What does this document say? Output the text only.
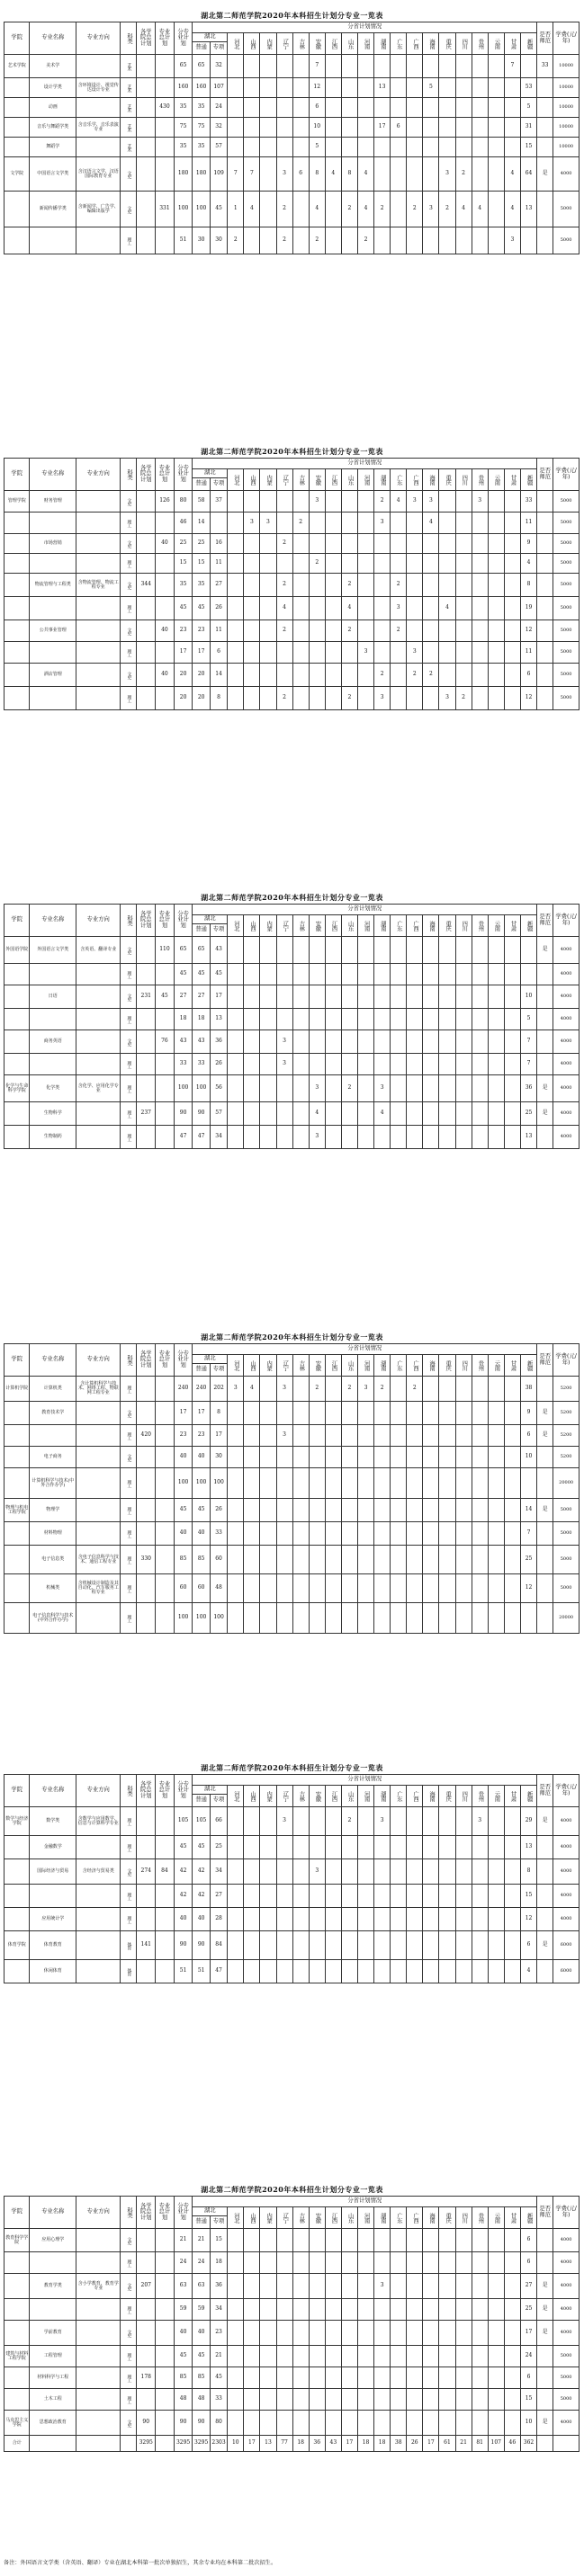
湖北第二师范学院2020年本科招生计划分专业一览表
学院	专业名称	专业方向	科类	各学院总计划	专业总计划	分专业计划	分省计划情况																					是否师范	学费(元/年)
							湖北		河北	山西	内蒙	辽宁	吉林	安徽	江西	山东	河南	湖南	广东	广西	海南	重庆	四川	贵州	云南	甘肃	新疆		
							普通	专项																					
艺术学院	美术学		艺术			65	65	32						7												7		33	10000
	设计学类	含环境设计、视觉传达设计专业	艺术			160	160	107						12				13			5						53		10000
	动画		艺术		430	35	35	24						6													5		10000
	音乐与舞蹈学类	含音乐学、音乐表演专业	艺术			75	75	32						10				17	6								31		10000
	舞蹈学		艺术			35	35	57						5													15		10000
文学院	中国语言文学类	含汉语言文学、汉语国际教育专业	文史			180	180	109	7	7		3	6	8	4	8	4					3	2			4	64	是	4000
	新闻传播学类	含新闻学、广告学、编辑出版学	文史		331	100	100	45	1	4		2		4		2	4	2		2	3	2	4	4		4	13		5000
			理工			51	30	30	2			2		2			2									3			5000
湖北第二师范学院2020年本科招生计划分专业一览表
学院	专业名称	专业方向	科类	各学院总计划	专业总计划	分专业计划	分省计划情况																					是否师范	学费(元/年)
							湖北		河北	山西	内蒙	辽宁	吉林	安徽	江西	山东	河南	湖南	广东	广西	海南	重庆	四川	贵州	云南	甘肃	新疆		
							普通	专项																					
管理学院	财务管理		文史		126	80	58	37						3				2	4	3	3			3			33		5000
			理工			46	14			3	3		2					3			4						11		5000
	市场营销		文史		40	25	25	16				2															9		5000
			理工			15	15	11						2													4		5000
	物流管理与工程类	含物流管理、物流工程专业	文史	344		35	35	27				2				2			2								8		5000
			理工			45	45	26				4				4			3			4					19		5000
	公共事业管理		文史		40	23	23	11				2				2			2								12		5000
			理工			17	17	6									3			3							11		5000
	酒店管理		文史		40	20	20	14										2		2	2						6		5000
			理工			20	20	8				2				2		3				3	2				12		5000
湖北第二师范学院2020年本科招生计划分专业一览表
学院	专业名称	专业方向	科类	各学院总计划	专业总计划	分专业计划	分省计划情况																					是否师范	学费(元/年)
							湖北		河北	山西	内蒙	辽宁	吉林	安徽	江西	山东	河南	湖南	广东	广西	海南	重庆	四川	贵州	云南	甘肃	新疆		
							普通	专项																					
外国语学院	外国语言文学类	含英语、翻译专业	文史		110	65	65	43																				是	4000
			理工			45	45	45																					4000
	日语		文史	231	45	27	27	17																			10		4000
			理工			18	18	13																			5		4000
	商务英语		文史		76	43	43	36				3															7		4000
			理工			33	33	26				3															7		4000
化学与生命科学学院	化学类	含化学、应用化学专业	理工			100	100	56						3		2		3									36	是	4000
	生物科学		理工	237		90	90	57						4				4									25	是	4000
	生物制药		理工			47	47	34						3													13		4000
湖北第二师范学院2020年本科招生计划分专业一览表
学院	专业名称	专业方向	科类	各学院总计划	专业总计划	分专业计划	分省计划情况																					是否师范	学费(元/年)
							湖北		河北	山西	内蒙	辽宁	吉林	安徽	江西	山东	河南	湖南	广东	广西	海南	重庆	四川	贵州	云南	甘肃	新疆		
							普通	专项																					
计算机学院	计算机类	含计算机科学与技术、网络工程、物联网工程专业	理工			240	240	202	3	4		3		2		2	3	2		2							38		5200
	教育技术学		文史			17	17	8																			9	是	5200
			理工	420		23	23	17				3															6	是	5200
	电子商务		文史			40	40	30																			10		5200
	计算机科学与技术(中外合作办学)		理工			100	100	100																					20000
物理与机电工程学院	物理学		理工			45	45	26																			14	是	5000
	材料物理		理工			40	40	33																			7		5000
	电子信息类	含电子信息科学与技术、通信工程专业	理工	330		85	85	60																			25		5000
	机械类	含机械设计制造及其自动化、汽车服务工程专业	理工			60	60	48																			12		5000
	电子信息科学与技术(中外合作办学)		理工			100	100	100																					20000
湖北第二师范学院2020年本科招生计划分专业一览表
学院	专业名称	专业方向	科类	各学院总计划	专业总计划	分专业计划	分省计划情况																					是否师范	学费(元/年)
							湖北		河北	山西	内蒙	辽宁	吉林	安徽	江西	山东	河南	湖南	广东	广西	海南	重庆	四川	贵州	云南	甘肃	新疆		
							普通	专项																					
数学与经济学院	数学类	含数学与应用数学、信息与计算科学专业	理工			105	105	66				3				2		3						3			29	是	4000
	金融数学		理工			45	45	25																			13		4000
	国际经济与贸易	含经济与贸易类	文史	274	84	42	42	34						3													8		4000
			理工			42	42	27																			15		4000
	应用统计学		理工			40	40	28																			12		4000
体育学院	体育教育		体育	141		90	90	84																			6	是	6000
	休闲体育		体育			51	51	47																			4		6000
湖北第二师范学院2020年本科招生计划分专业一览表
学院	专业名称	专业方向	科类	各学院总计划	专业总计划	分专业计划	分省计划情况																					是否师范	学费(元/年)
							湖北		河北	山西	内蒙	辽宁	吉林	安徽	江西	山东	河南	湖南	广东	广西	海南	重庆	四川	贵州	云南	甘肃	新疆		
							普通	专项																					
教育科学学院	应用心理学		文史			21	21	15																			6		4000
			理工			24	24	18																			6		4000
	教育学类	含小学教育、教育学专业	文史	207		63	63	36										3									27	是	4000
			理工			59	59	34																			25	是	4000
	学前教育		文史			40	40	23																			17	是	4000
建筑与材料工程学院	工程管理		理工			45	45	21																			24		5000
	材料科学与工程		理工	178		85	85	45																			6		5000
	土木工程		理工			48	48	33																			15		5000
马克思主义学院	思想政治教育		文史	90		90	90	80																			10	是	4000
合计				3295		3295	3295	2303	10	17	13	77	18	36	43	17	18	18	38	26	17	61	21	81	107	46	362		
备注：外国语言文学类（含英语、翻译）专业在湖北本科第一批次单独招生，其余专业均在本科第二批次招生。
